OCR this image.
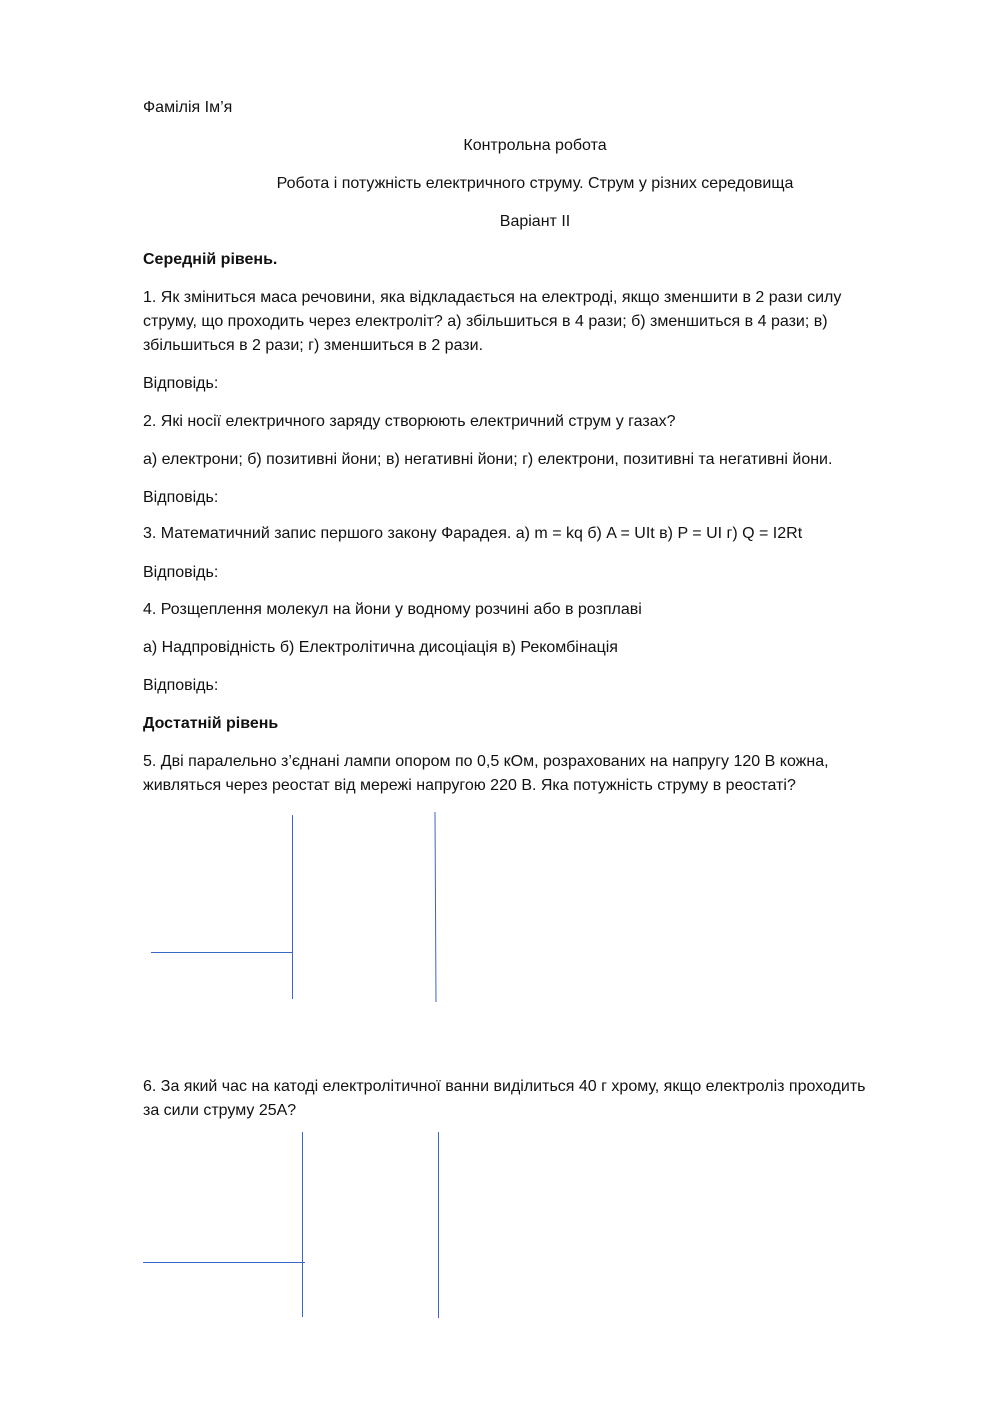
Фамілія Ім’я
Контрольна робота
Робота і потужність електричного струму. Струм у різних середовища
Варіант ІІ
Середній рівень.
1. Як зміниться маса речовини, яка відкладається на електроді, якщо зменшити в 2 рази силу
струму, що проходить через електроліт? а) збільшиться в 4 рази; б) зменшиться в 4 рази; в)
збільшиться в 2 рази; г) зменшиться в 2 рази.
Відповідь:
2. Які носії електричного заряду створюють електричний струм у газах?
а) електрони; б) позитивні йони; в) негативні йони; г) електрони, позитивні та негативні йони.
Відповідь:
3. Математичний запис першого закону Фарадея. а) m = kq б) A = UIt в) P = UI г) Q = I2Rt
Відповідь:
4. Розщеплення молекул на йони у водному розчині або в розплаві
а) Надпровідність б) Електролітична дисоціація в) Рекомбінація
Відповідь:
Достатній рівень
5. Дві паралельно з’єднані лампи опором по 0,5 кОм, розрахованих на напругу 120 В кожна,
живляться через реостат від мережі напругою 220 В. Яка потужність струму в реостаті?
6. За який час на катоді електролітичної ванни виділиться 40 г хрому, якщо електроліз проходить
за сили струму 25А?
